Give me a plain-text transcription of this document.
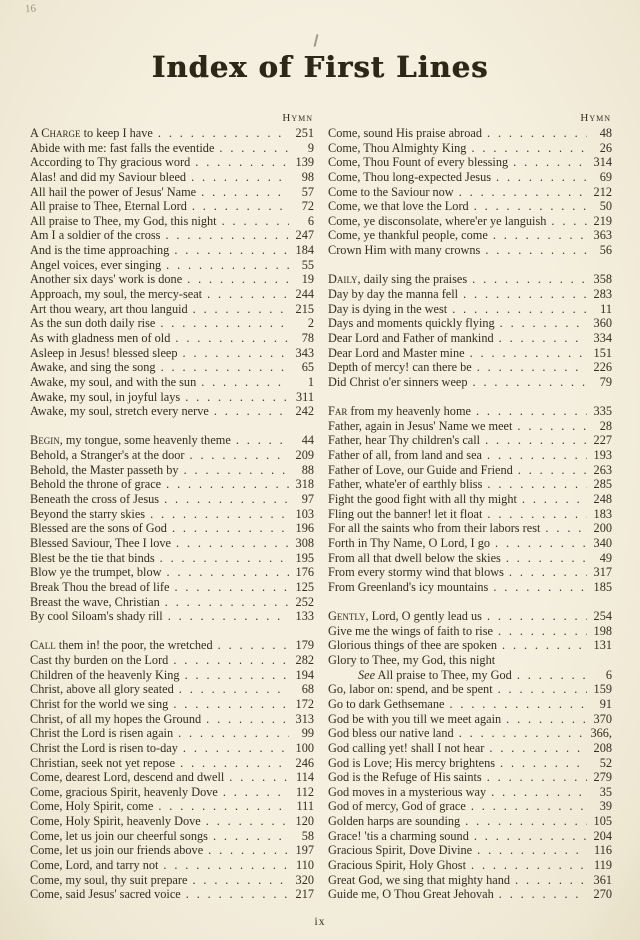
16
Index of First Lines
Hymn
A Charge to keep I have . . .	251
Abide with me: fast falls the eventide . . .	9
According to Thy gracious word . . .	139
Alas! and did my Saviour bleed . . .	98
All hail the power of Jesus' Name . . .	57
All praise to Thee, Eternal Lord . . .	72
All praise to Thee, my God, this night . . .	6
Am I a soldier of the cross . . .	247
And is the time approaching . . .	184
Angel voices, ever singing . . .	55
Another six days' work is done . . .	19
Approach, my soul, the mercy-seat . . .	244
Art thou weary, art thou languid . . .	215
As the sun doth daily rise . . .	2
As with gladness men of old . . .	78
Asleep in Jesus! blessed sleep . . .	343
Awake, and sing the song . . .	65
Awake, my soul, and with the sun . . .	1
Awake, my soul, in joyful lays . . .	311
Awake, my soul, stretch every nerve . . .	242
Begin, my tongue, some heavenly theme . . .	44
Behold, a Stranger's at the door . . .	209
Behold, the Master passeth by . . .	88
Behold the throne of grace . . .	318
Beneath the cross of Jesus . . .	97
Beyond the starry skies . . .	103
Blessed are the sons of God . . .	196
Blessed Saviour, Thee I love . . .	308
Blest be the tie that binds . . .	195
Blow ye the trumpet, blow . . .	176
Break Thou the bread of life . . .	125
Breast the wave, Christian . . .	252
By cool Siloam's shady rill . . .	133
Call them in! the poor, the wretched . . .	179
Cast thy burden on the Lord . . .	282
Children of the heavenly King . . .	194
Christ, above all glory seated . . .	68
Christ for the world we sing . . .	172
Christ, of all my hopes the Ground . . .	313
Christ the Lord is risen again . . .	99
Christ the Lord is risen to-day . . .	100
Christian, seek not yet repose . . .	246
Come, dearest Lord, descend and dwell . . .	114
Come, gracious Spirit, heavenly Dove . . .	112
Come, Holy Spirit, come . . .	111
Come, Holy Spirit, heavenly Dove . . .	120
Come, let us join our cheerful songs . . .	58
Come, let us join our friends above . . .	197
Come, Lord, and tarry not . . .	110
Come, my soul, thy suit prepare . . .	320
Come, said Jesus' sacred voice . . .	217
Hymn
Come, sound His praise abroad . . .	48
Come, Thou Almighty King . . .	26
Come, Thou Fount of every blessing . . .	314
Come, Thou long-expected Jesus . . .	69
Come to the Saviour now . . .	212
Come, we that love the Lord . . .	50
Come, ye disconsolate, where'er ye languish . . .	219
Come, ye thankful people, come . . .	363
Crown Him with many crowns . . .	56
Daily, daily sing the praises . . .	358
Day by day the manna fell . . .	283
Day is dying in the west . . .	11
Days and moments quickly flying . . .	360
Dear Lord and Father of mankind . . .	334
Dear Lord and Master mine . . .	151
Depth of mercy! can there be . . .	226
Did Christ o'er sinners weep . . .	79
Far from my heavenly home . . .	335
Father, again in Jesus' Name we meet . . .	28
Father, hear Thy children's call . . .	227
Father of all, from land and sea . . .	193
Father of Love, our Guide and Friend . . .	263
Father, whate'er of earthly bliss . . .	285
Fight the good fight with all thy might . . .	248
Fling out the banner! let it float . . .	183
For all the saints who from their labors rest . . .	200
Forth in Thy Name, O Lord, I go . . .	340
From all that dwell below the skies . . .	49
From every stormy wind that blows . . .	317
From Greenland's icy mountains . . .	185
Gently, Lord, O gently lead us . . .	254
Give me the wings of faith to rise . . .	198
Glorious things of thee are spoken . . .	131
Glory to Thee, my God, this night
See All praise to Thee, my God . . .	6
Go, labor on: spend, and be spent . . .	159
Go to dark Gethsemane . . .	91
God be with you till we meet again . . .	370
God bless our native land . . .	366,
God calling yet! shall I not hear . . .	208
God is Love; His mercy brightens . . .	52
God is the Refuge of His saints . . .	279
God moves in a mysterious way . . .	35
God of mercy, God of grace . . .	39
Golden harps are sounding . . .	105
Grace! 'tis a charming sound . . .	204
Gracious Spirit, Dove Divine . . .	116
Gracious Spirit, Holy Ghost . . .	119
Great God, we sing that mighty hand . . .	361
Guide me, O Thou Great Jehovah . . .	270
ix
